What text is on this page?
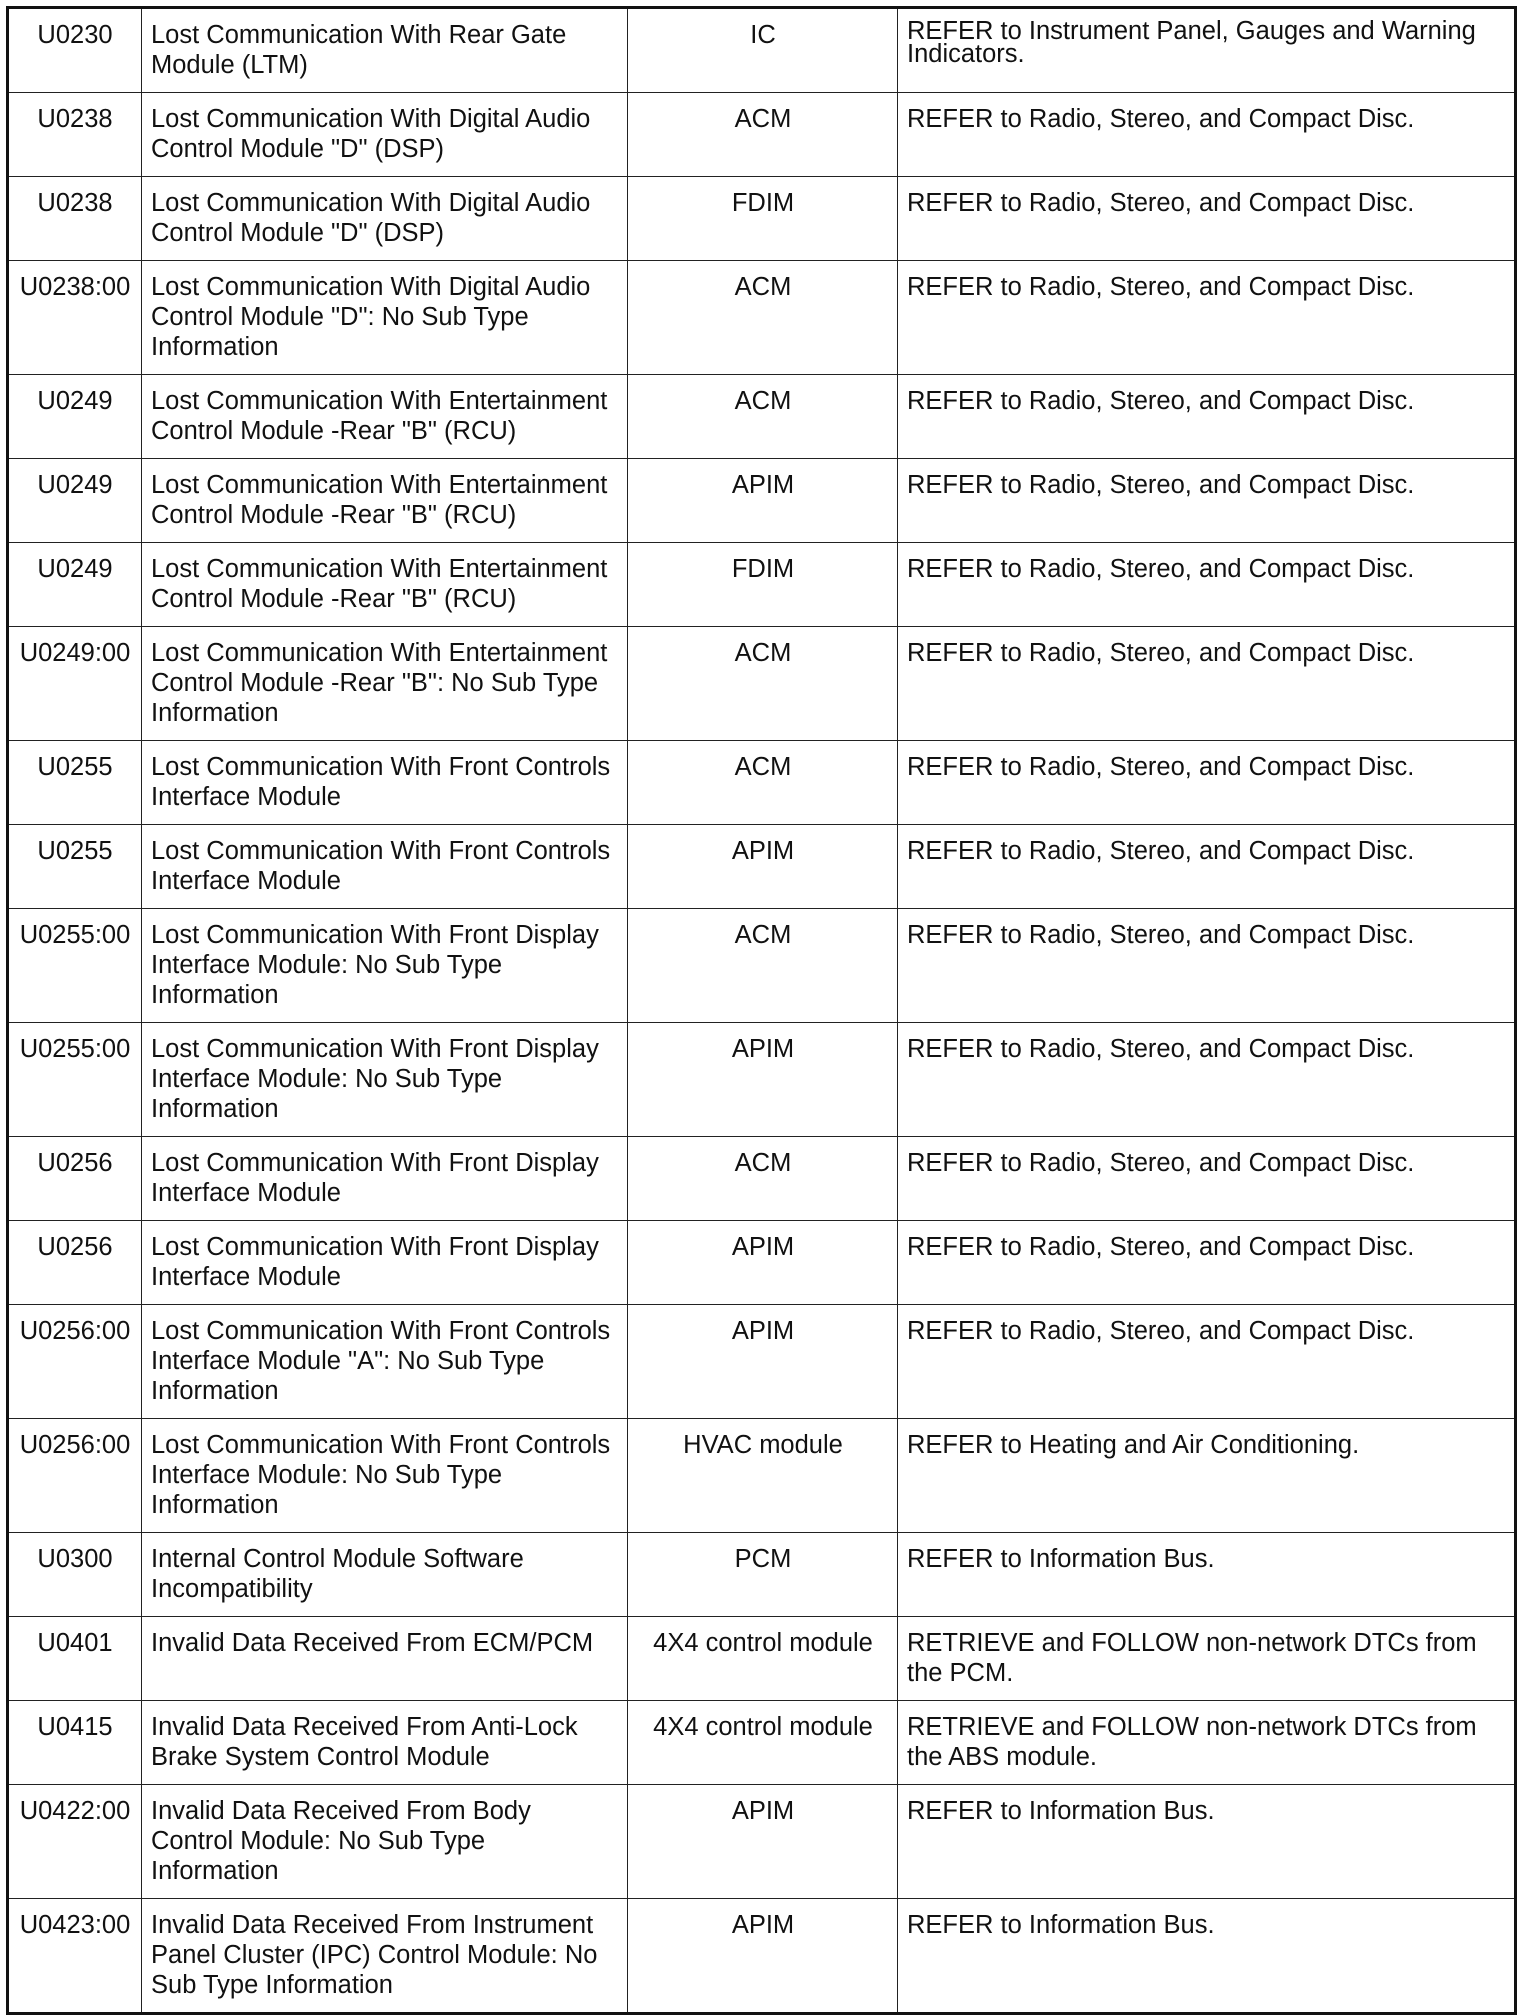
U0230	Lost Communication With Rear Gate Module (LTM)	IC	REFER to Instrument Panel, Gauges and Warning Indicators.
U0238	Lost Communication With Digital Audio Control Module "D" (DSP)	ACM	REFER to Radio, Stereo, and Compact Disc.
U0238	Lost Communication With Digital Audio Control Module "D" (DSP)	FDIM	REFER to Radio, Stereo, and Compact Disc.
U0238:00	Lost Communication With Digital Audio Control Module "D": No Sub Type Information	ACM	REFER to Radio, Stereo, and Compact Disc.
U0249	Lost Communication With Entertainment Control Module -Rear "B" (RCU)	ACM	REFER to Radio, Stereo, and Compact Disc.
U0249	Lost Communication With Entertainment Control Module -Rear "B" (RCU)	APIM	REFER to Radio, Stereo, and Compact Disc.
U0249	Lost Communication With Entertainment Control Module -Rear "B" (RCU)	FDIM	REFER to Radio, Stereo, and Compact Disc.
U0249:00	Lost Communication With Entertainment Control Module -Rear "B": No Sub Type Information	ACM	REFER to Radio, Stereo, and Compact Disc.
U0255	Lost Communication With Front Controls Interface Module	ACM	REFER to Radio, Stereo, and Compact Disc.
U0255	Lost Communication With Front Controls Interface Module	APIM	REFER to Radio, Stereo, and Compact Disc.
U0255:00	Lost Communication With Front Display Interface Module: No Sub Type Information	ACM	REFER to Radio, Stereo, and Compact Disc.
U0255:00	Lost Communication With Front Display Interface Module: No Sub Type Information	APIM	REFER to Radio, Stereo, and Compact Disc.
U0256	Lost Communication With Front Display Interface Module	ACM	REFER to Radio, Stereo, and Compact Disc.
U0256	Lost Communication With Front Display Interface Module	APIM	REFER to Radio, Stereo, and Compact Disc.
U0256:00	Lost Communication With Front Controls Interface Module "A": No Sub Type Information	APIM	REFER to Radio, Stereo, and Compact Disc.
U0256:00	Lost Communication With Front Controls Interface Module: No Sub Type Information	HVAC module	REFER to Heating and Air Conditioning.
U0300	Internal Control Module Software Incompatibility	PCM	REFER to Information Bus.
U0401	Invalid Data Received From ECM/PCM	4X4 control module	RETRIEVE and FOLLOW non-network DTCs from the PCM.
U0415	Invalid Data Received From Anti-Lock Brake System Control Module	4X4 control module	RETRIEVE and FOLLOW non-network DTCs from the ABS module.
U0422:00	Invalid Data Received From Body Control Module: No Sub Type Information	APIM	REFER to Information Bus.
U0423:00	Invalid Data Received From Instrument Panel Cluster (IPC) Control Module: No Sub Type Information	APIM	REFER to Information Bus.
